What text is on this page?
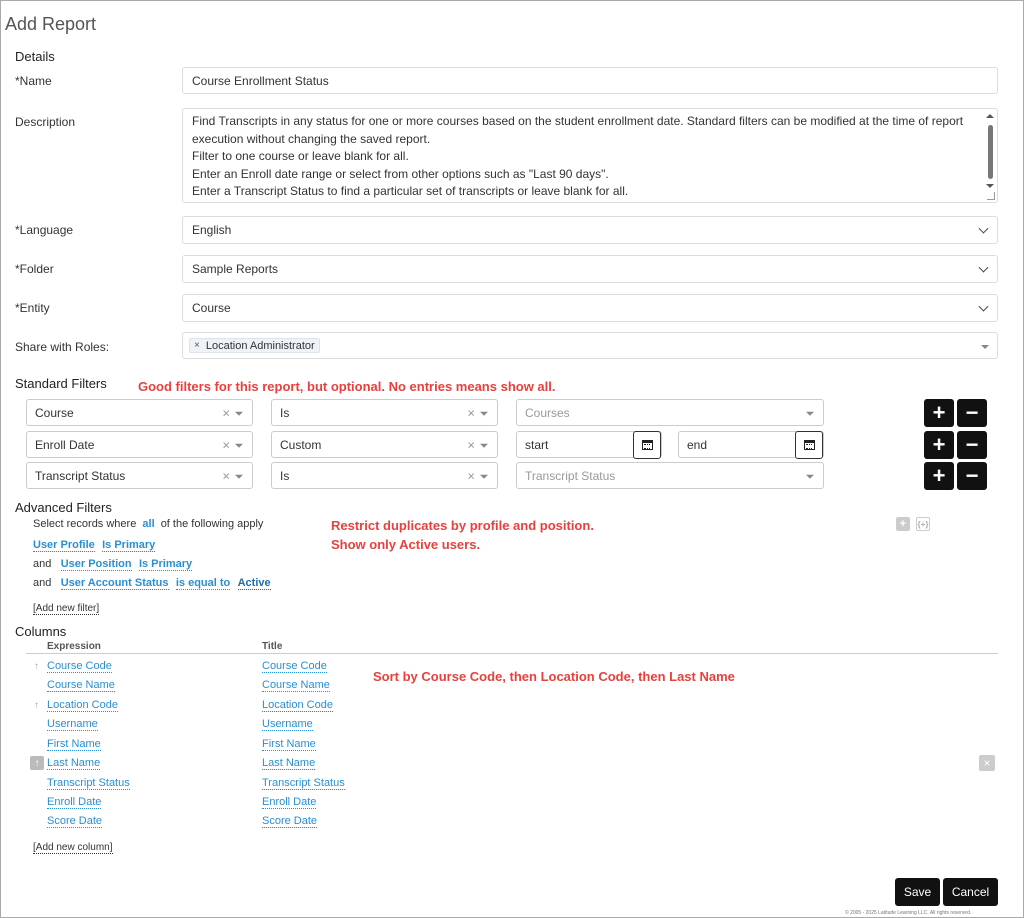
Add Report
Details
*Name	Course Enrollment Status
Description	Find Transcripts in any status for one or more courses based on the student enrollment date. Standard filters can be modified at the time of report
execution without changing the saved report.
Filter to one course or leave blank for all.
Enter an Enroll date range or select from other options such as "Last 90 days".
Enter a Transcript Status to find a particular set of transcripts or leave blank for all.
*Language	English
*Folder	Sample Reports
*Entity	Course
Share with Roles:	× Location Administrator
Standard Filters Good filters for this report, but optional. No entries means show all.
Course	×	Is	×	Courses	+ −
Enroll Date	×	Custom	×	start	end	+ −
Transcript Status	×	Is	×	Transcript Status	+ −
Advanced Filters
Select records where all of the following apply
User Profile Is Primary
and User Position Is Primary
and User Account Status is equal to Active
[Add new filter]
Restrict duplicates by profile and position.
Show only Active users.
+	{+}
Columns
Expression	Title
Sort by Course Code, then Location Code, then Last Name
↑ Course Code	Course Code
Course Name	Course Name
↑ Location Code	Location Code
Username	Username
First Name	First Name
↑ Last Name	Last Name	×
Transcript Status	Transcript Status
Enroll Date	Enroll Date
Score Date	Score Date
[Add new column]
Save	Cancel
© 2005 - 2025 Latitude Learning LLC. All rights reserved.
